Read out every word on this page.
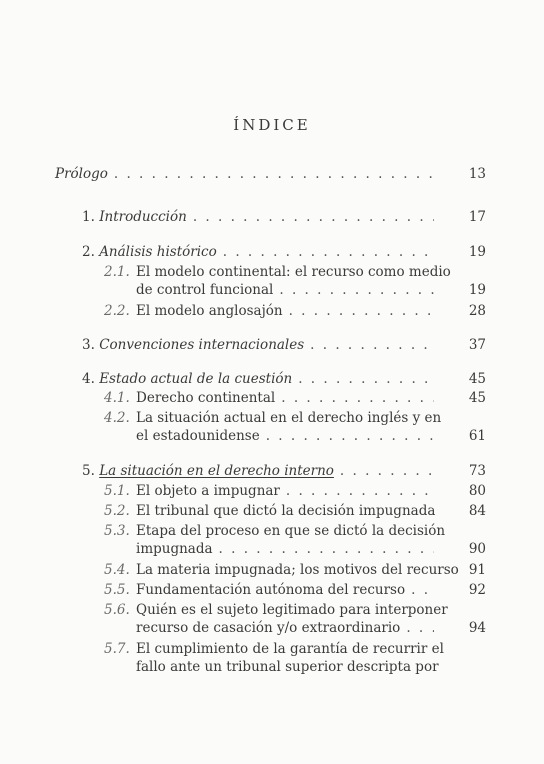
ÍNDICE
Prólogo . . .	13
1.
Introducción . . .	17
2.
Análisis histórico . . .	19
2.1. El modelo continental: el recurso como medio
de control funcional . . .	19
2.2. El modelo anglosajón . . .	28
3.
Convenciones internacionales . . .	37
4.
Estado actual de la cuestión . . .	45
4.1. Derecho continental . . .	45
4.2. La situación actual en el derecho inglés y en
el estadounidense . . .	61
5.
La situación en el derecho interno . . .	73
5.1. El objeto a impugnar . . .	80
5.2. El tribunal que dictó la decisión impugnada	84
5.3. Etapa del proceso en que se dictó la decisión
impugnada . . .	90
5.4. La materia impugnada; los motivos del recurso 91
5.5. Fundamentación autónoma del recurso . . .	92
5.6. Quién es el sujeto legitimado para interponer
recurso de casación y/o extraordinario . . .	94
5.7. El cumplimiento de la garantía de recurrir el
fallo ante un tribunal superior descripta por
